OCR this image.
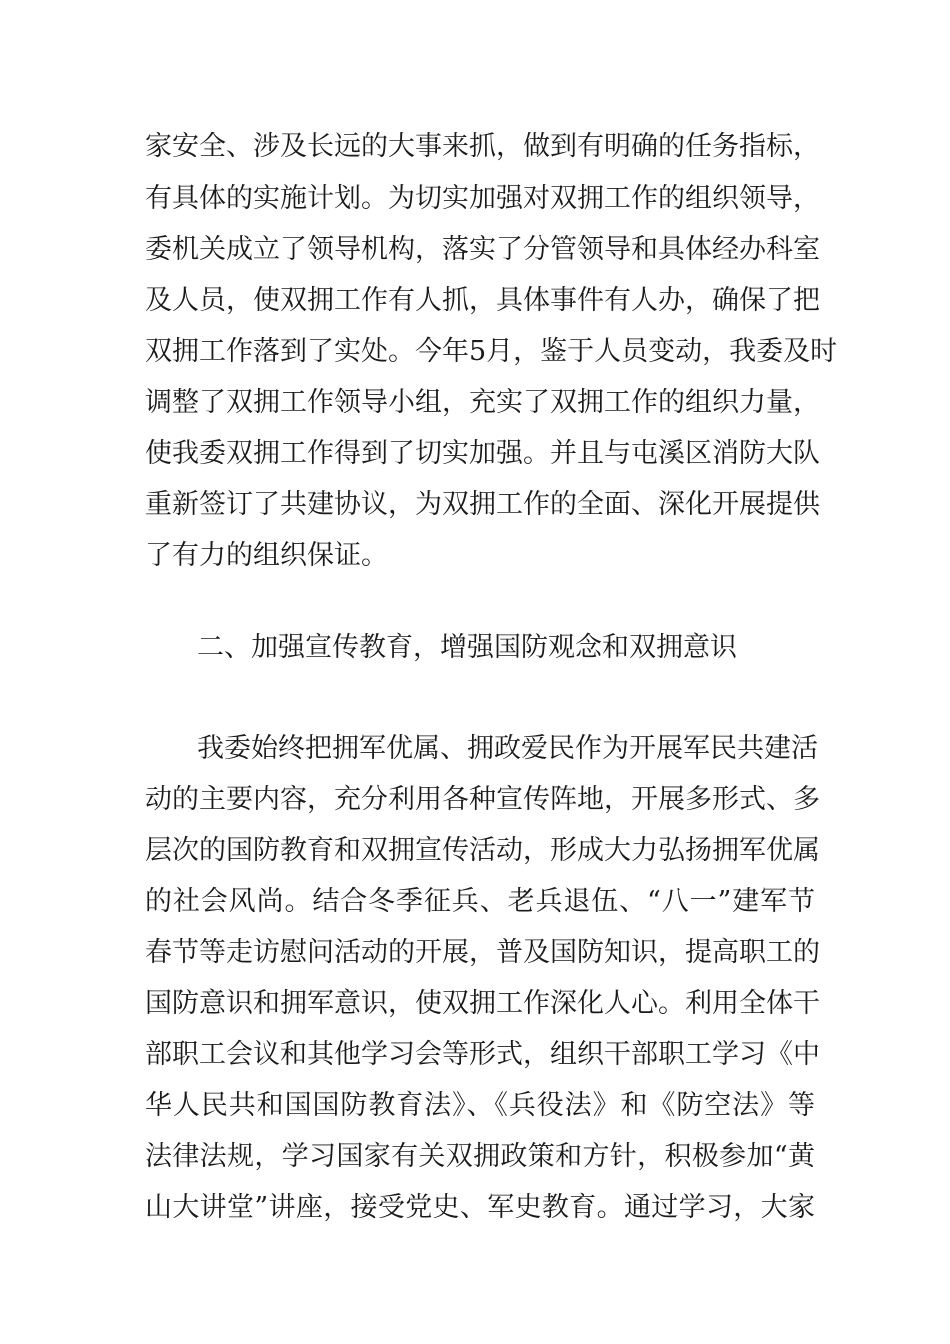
家安全、涉及长远的大事来抓，做到有明确的任务指标，
有具体的实施计划。为切实加强对双拥工作的组织领导，
委机关成立了领导机构，落实了分管领导和具体经办科室
及人员，使双拥工作有人抓，具体事件有人办，确保了把
双拥工作落到了实处。今年5月，鉴于人员变动，我委及时
调整了双拥工作领导小组，充实了双拥工作的组织力量，
使我委双拥工作得到了切实加强。并且与屯溪区消防大队
重新签订了共建协议，为双拥工作的全面、深化开展提供
了有力的组织保证。
二、加强宣传教育，增强国防观念和双拥意识
我委始终把拥军优属、拥政爱民作为开展军民共建活
动的主要内容，充分利用各种宣传阵地，开展多形式、多
层次的国防教育和双拥宣传活动，形成大力弘扬拥军优属
的社会风尚。结合冬季征兵、老兵退伍、“八一”建军节
春节等走访慰问活动的开展，普及国防知识，提高职工的
国防意识和拥军意识，使双拥工作深化人心。利用全体干
部职工会议和其他学习会等形式，组织干部职工学习《中
华人民共和国国防教育法》、《兵役法》和《防空法》等
法律法规，学习国家有关双拥政策和方针，积极参加“黄
山大讲堂”讲座，接受党史、军史教育。通过学习，大家
